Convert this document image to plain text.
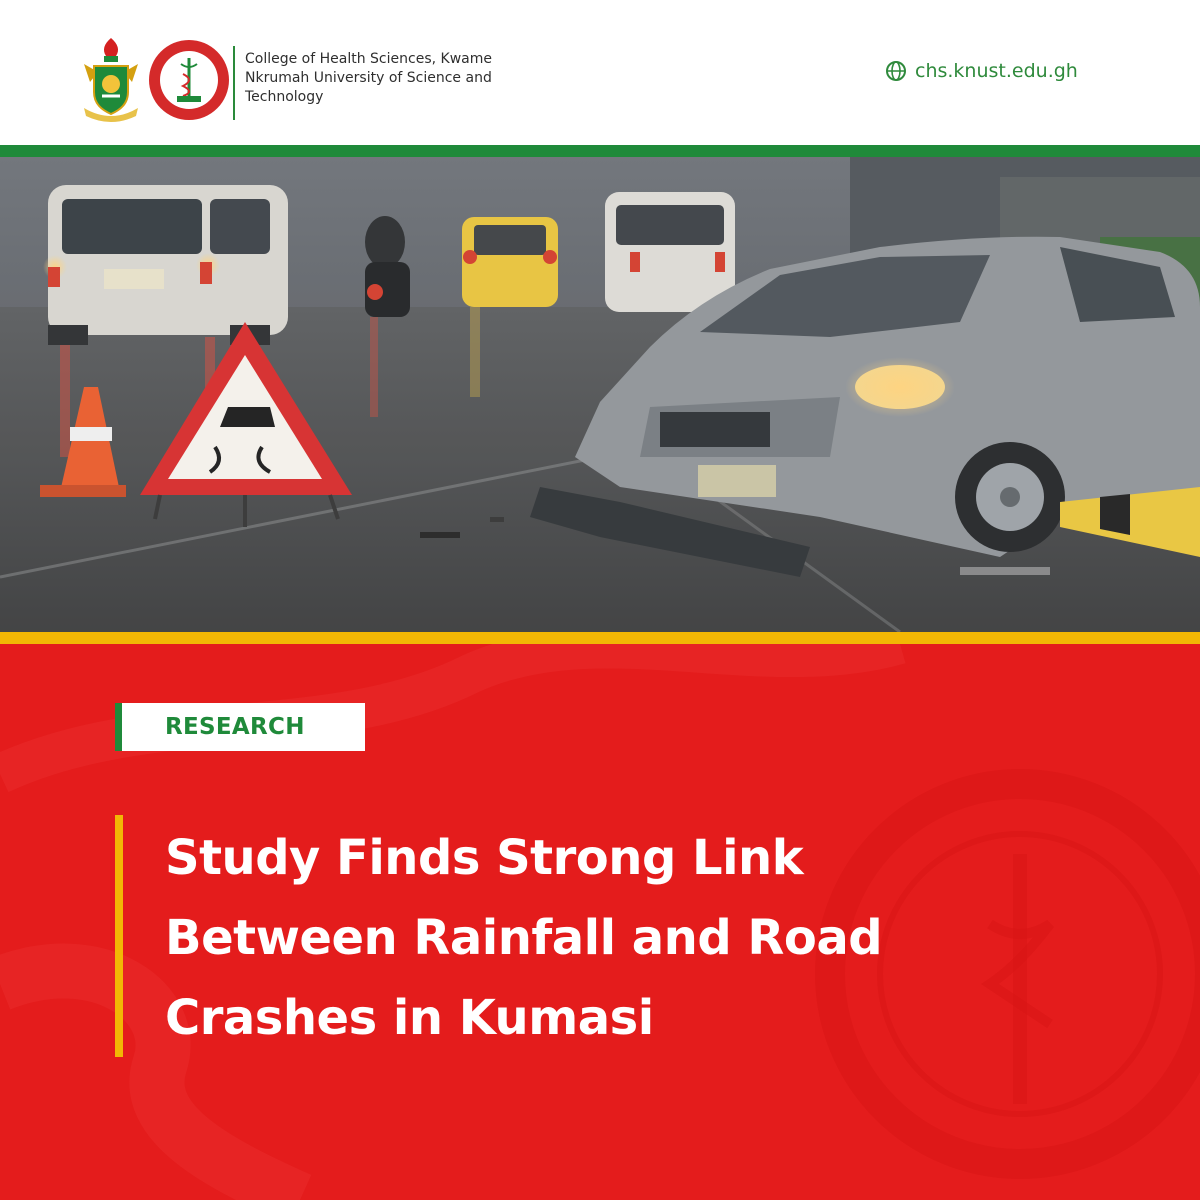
College of Health Sciences, Kwame Nkrumah University of Science and Technology

chs.knust.edu.gh
RESEARCH
Study Finds Strong Link
Between Rainfall and Road
Crashes in Kumasi
